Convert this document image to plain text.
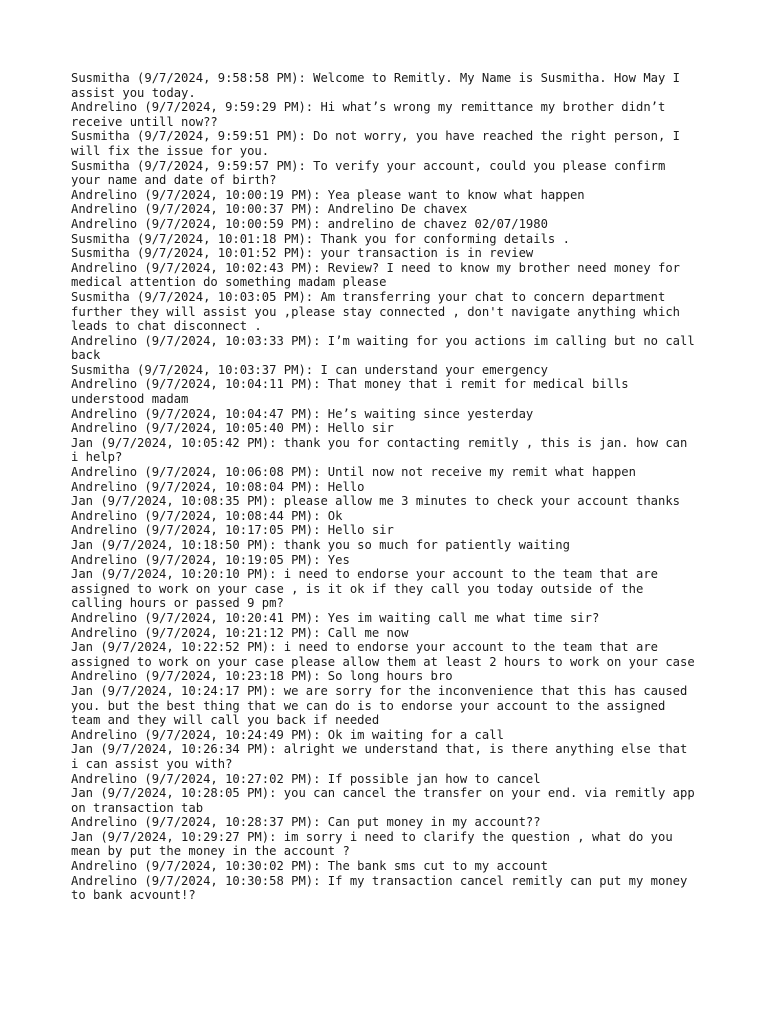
Susmitha (9/7/2024, 9:58:58 PM): Welcome to Remitly. My Name is Susmitha. How May I assist you today.

Andrelino (9/7/2024, 9:59:29 PM): Hi what’s wrong my remittance my brother didn’t receive untill now??

Susmitha (9/7/2024, 9:59:51 PM): Do not worry, you have reached the right person, I will fix the issue for you.

Susmitha (9/7/2024, 9:59:57 PM): To verify your account, could you please confirm your name and date of birth?

Andrelino (9/7/2024, 10:00:19 PM): Yea please want to know what happen

Andrelino (9/7/2024, 10:00:37 PM): Andrelino De chavex

Andrelino (9/7/2024, 10:00:59 PM): andrelino de chavez 02/07/1980

Susmitha (9/7/2024, 10:01:18 PM): Thank you for conforming details .

Susmitha (9/7/2024, 10:01:52 PM): your transaction is in review

Andrelino (9/7/2024, 10:02:43 PM): Review? I need to know my brother need money for medical attention do something madam please

Susmitha (9/7/2024, 10:03:05 PM): Am transferring your chat to concern department further they will assist you ,please stay connected , don't navigate anything which leads to chat disconnect .

Andrelino (9/7/2024, 10:03:33 PM): I’m waiting for you actions im calling but no call back

Susmitha (9/7/2024, 10:03:37 PM): I can understand your emergency

Andrelino (9/7/2024, 10:04:11 PM): That money that i remit for medical bills understood madam

Andrelino (9/7/2024, 10:04:47 PM): He’s waiting since yesterday

Andrelino (9/7/2024, 10:05:40 PM): Hello sir

Jan (9/7/2024, 10:05:42 PM): thank you for contacting remitly , this is jan. how can i help?

Andrelino (9/7/2024, 10:06:08 PM): Until now not receive my remit what happen

Andrelino (9/7/2024, 10:08:04 PM): Hello

Jan (9/7/2024, 10:08:35 PM): please allow me 3 minutes to check your account thanks

Andrelino (9/7/2024, 10:08:44 PM): Ok

Andrelino (9/7/2024, 10:17:05 PM): Hello sir

Jan (9/7/2024, 10:18:50 PM): thank you so much for patiently waiting

Andrelino (9/7/2024, 10:19:05 PM): Yes

Jan (9/7/2024, 10:20:10 PM): i need to endorse your account to the team that are assigned to work on your case , is it ok if they call you today outside of the calling hours or passed 9 pm?

Andrelino (9/7/2024, 10:20:41 PM): Yes im waiting call me what time sir?

Andrelino (9/7/2024, 10:21:12 PM): Call me now

Jan (9/7/2024, 10:22:52 PM): i need to endorse your account to the team that are assigned to work on your case please allow them at least 2 hours to work on your case

Andrelino (9/7/2024, 10:23:18 PM): So long hours bro

Jan (9/7/2024, 10:24:17 PM): we are sorry for the inconvenience that this has caused you. but the best thing that we can do is to endorse your account to the assigned team and they will call you back if needed

Andrelino (9/7/2024, 10:24:49 PM): Ok im waiting for a call

Jan (9/7/2024, 10:26:34 PM): alright we understand that, is there anything else that i can assist you with?

Andrelino (9/7/2024, 10:27:02 PM): If possible jan how to cancel

Jan (9/7/2024, 10:28:05 PM): you can cancel the transfer on your end. via remitly app on transaction tab

Andrelino (9/7/2024, 10:28:37 PM): Can put money in my account??

Jan (9/7/2024, 10:29:27 PM): im sorry i need to clarify the question , what do you mean by put the money in the account ?

Andrelino (9/7/2024, 10:30:02 PM): The bank sms cut to my account

Andrelino (9/7/2024, 10:30:58 PM): If my transaction cancel remitly can put my money to bank acvount!?
